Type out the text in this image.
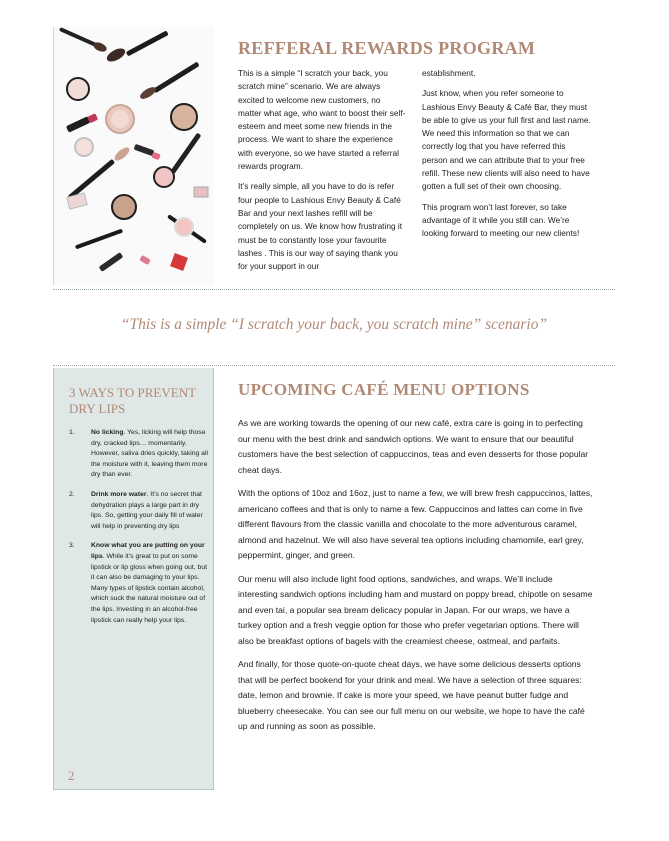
REFFERAL REWARDS PROGRAM

This is a simple “I scratch your back, you scratch mine” scenario. We are always excited to welcome new customers, no matter what age, who want to boost their self-esteem and meet some new friends in the process. We want to share the experience with everyone, so we have started a referral rewards program.

It’s really simple, all you have to do is refer four people to Lashious Envy Beauty & Café Bar and your next lashes refill will be completely on us. We know how frustrating it must be to constantly lose your favourite lashes . This is our way of saying thank you for your support in our

establishment.

Just know, when you refer someone to Lashious Envy Beauty & Café Bar, they must be able to give us your full first and last name. We need this information so that we can correctly log that you have referred this person and we can attribute that to your free refill. These new clients will also need to have gotten a full set of their own choosing.

This program won’t last forever, so take advantage of it while you still can. We’re looking forward to meeting our new clients!

“This is a simple “I scratch your back, you scratch mine” scenario”
3 WAYS TO PREVENT DRY LIPS
1. No licking. Yes, licking will help those dry, cracked lips… momentarily. However, saliva dries quickly, taking all the moisture with it, leaving them more dry than ever.
2. Drink more water. It’s no secret that dehydration plays a large part in dry lips. So, getting your daily fill of water will help in preventing dry lips
3. Know what you are putting on your lips. While it’s great to put on some lipstick or lip gloss when going out, but it can also be damaging to your lips. Many types of lipstick contain alcohol, which suck the natural moisture out of the lips. Investing in an alcohol-free lipstick can really help your lips.
2
UPCOMING CAFÉ MENU OPTIONS

As we are working towards the opening of our new café, extra care is going in to perfecting our menu with the best drink and sandwich options. We want to ensure that our beautiful customers have the best selection of cappuccinos, teas and even desserts for those popular cheat days.

With the options of 10oz and 16oz, just to name a few, we will brew fresh cappuccinos, lattes, americano coffees and that is only to name a few. Cappuccinos and lattes can come in five different flavours from the classic vanilla and chocolate to the more adventurous caramel, almond and hazelnut. We will also have several tea options including chamomile, earl grey, peppermint, ginger, and green.

Our menu will also include light food options, sandwiches, and wraps. We’ll include interesting sandwich options including ham and mustard on poppy bread, chipotle on sesame and even tai, a popular sea bream delicacy popular in Japan. For our wraps, we have a turkey option and a fresh veggie option for those who prefer vegetarian options. There will also be breakfast options of bagels with the creamiest cheese, oatmeal, and parfaits.

And finally, for those quote-on-quote cheat days, we have some delicious desserts options that will be perfect bookend for your drink and meal. We have a selection of three squares: date, lemon and brownie. If cake is more your speed, we have peanut butter fudge and blueberry cheesecake. You can see our full menu on our website, we hope to have the café up and running as soon as possible.
